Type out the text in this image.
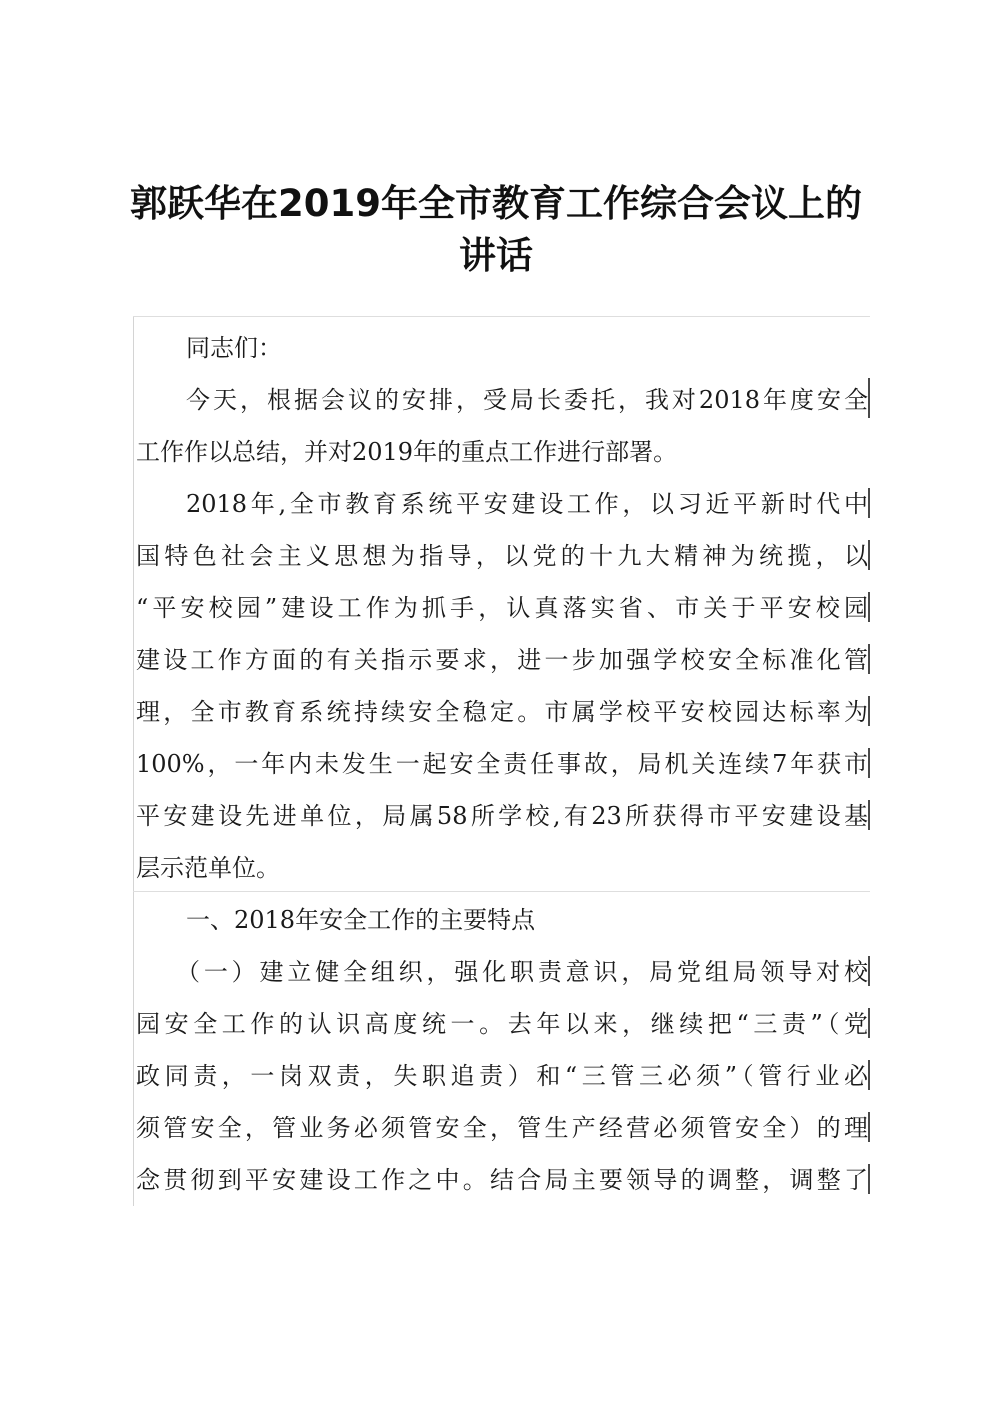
郭跃华在2019年全市教育工作综合会议上的
讲话

同志们：

今天，根据会议的安排，受局长委托，我对2018年度安全

工作作以总结，并对2019年的重点工作进行部署。

2018年,全市教育系统平安建设工作，以习近平新时代中

国特色社会主义思想为指导，以党的十九大精神为统揽，以

“平安校园”建设工作为抓手，认真落实省、市关于平安校园

建设工作方面的有关指示要求，进一步加强学校安全标准化管

理，全市教育系统持续安全稳定。市属学校平安校园达标率为

100%，一年内未发生一起安全责任事故，局机关连续7年获市

平安建设先进单位，局属58所学校,有23所获得市平安建设基

层示范单位。

一、2018年安全工作的主要特点

（一）建立健全组织，强化职责意识，局党组局领导对校

园安全工作的认识高度统一。去年以来，继续把“三责”（党

政同责，一岗双责，失职追责）和“三管三必须”（管行业必

须管安全，管业务必须管安全，管生产经营必须管安全）的理

念贯彻到平安建设工作之中。结合局主要领导的调整，调整了
